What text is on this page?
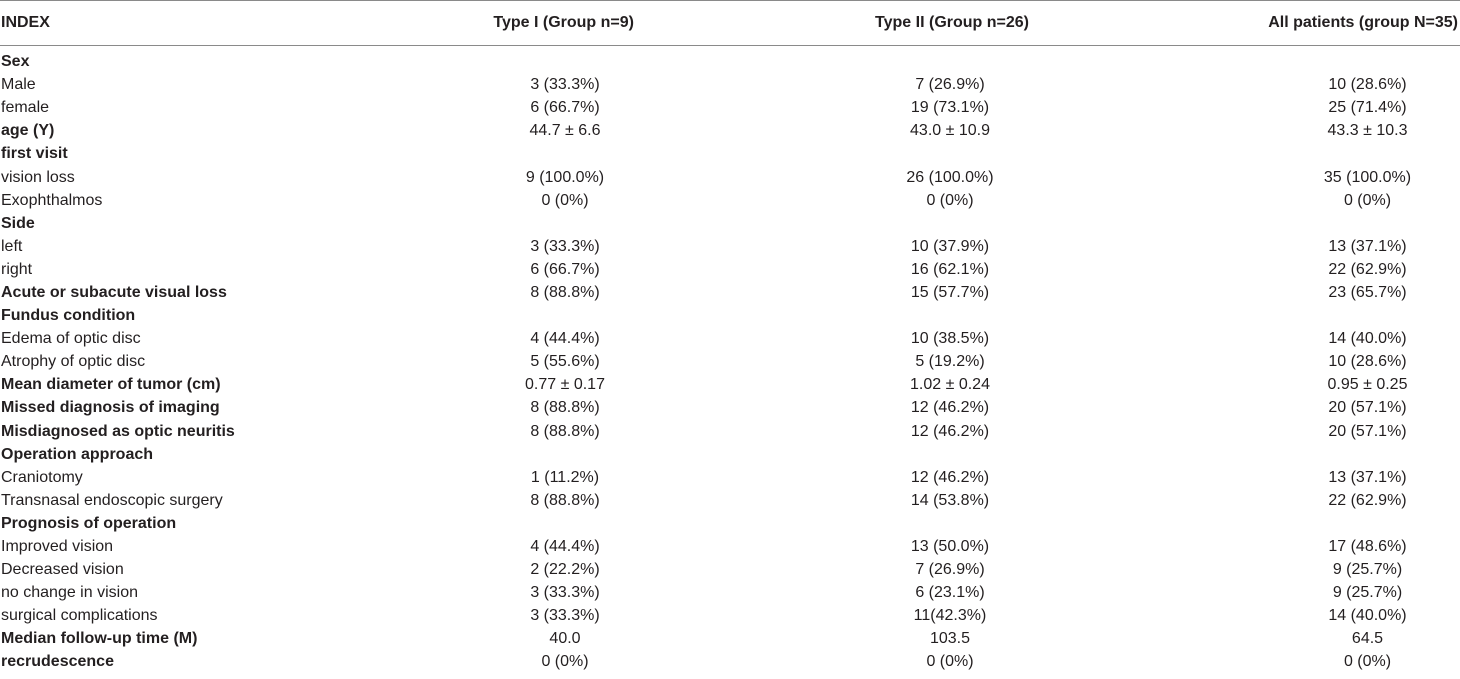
INDEX	Type I (Group n=9)	Type II (Group n=26)	All patients (group N=35)
Sex			
Male	3 (33.3%)	7 (26.9%)	10 (28.6%)
female	6 (66.7%)	19 (73.1%)	25 (71.4%)
age (Y)	44.7 ± 6.6	43.0 ± 10.9	43.3 ± 10.3
first visit			
vision loss	9 (100.0%)	26 (100.0%)	35 (100.0%)
Exophthalmos	0 (0%)	0 (0%)	0 (0%)
Side			
left	3 (33.3%)	10 (37.9%)	13 (37.1%)
right	6 (66.7%)	16 (62.1%)	22 (62.9%)
Acute or subacute visual loss	8 (88.8%)	15 (57.7%)	23 (65.7%)
Fundus condition			
Edema of optic disc	4 (44.4%)	10 (38.5%)	14 (40.0%)
Atrophy of optic disc	5 (55.6%)	5 (19.2%)	10 (28.6%)
Mean diameter of tumor (cm)	0.77 ± 0.17	1.02 ± 0.24	0.95 ± 0.25
Missed diagnosis of imaging	8 (88.8%)	12 (46.2%)	20 (57.1%)
Misdiagnosed as optic neuritis	8 (88.8%)	12 (46.2%)	20 (57.1%)
Operation approach			
Craniotomy	1 (11.2%)	12 (46.2%)	13 (37.1%)
Transnasal endoscopic surgery	8 (88.8%)	14 (53.8%)	22 (62.9%)
Prognosis of operation			
Improved vision	4 (44.4%)	13 (50.0%)	17 (48.6%)
Decreased vision	2 (22.2%)	7 (26.9%)	9 (25.7%)
no change in vision	3 (33.3%)	6 (23.1%)	9 (25.7%)
surgical complications	3 (33.3%)	11(42.3%)	14 (40.0%)
Median follow-up time (M)	40.0	103.5	64.5
recrudescence	0 (0%)	0 (0%)	0 (0%)
